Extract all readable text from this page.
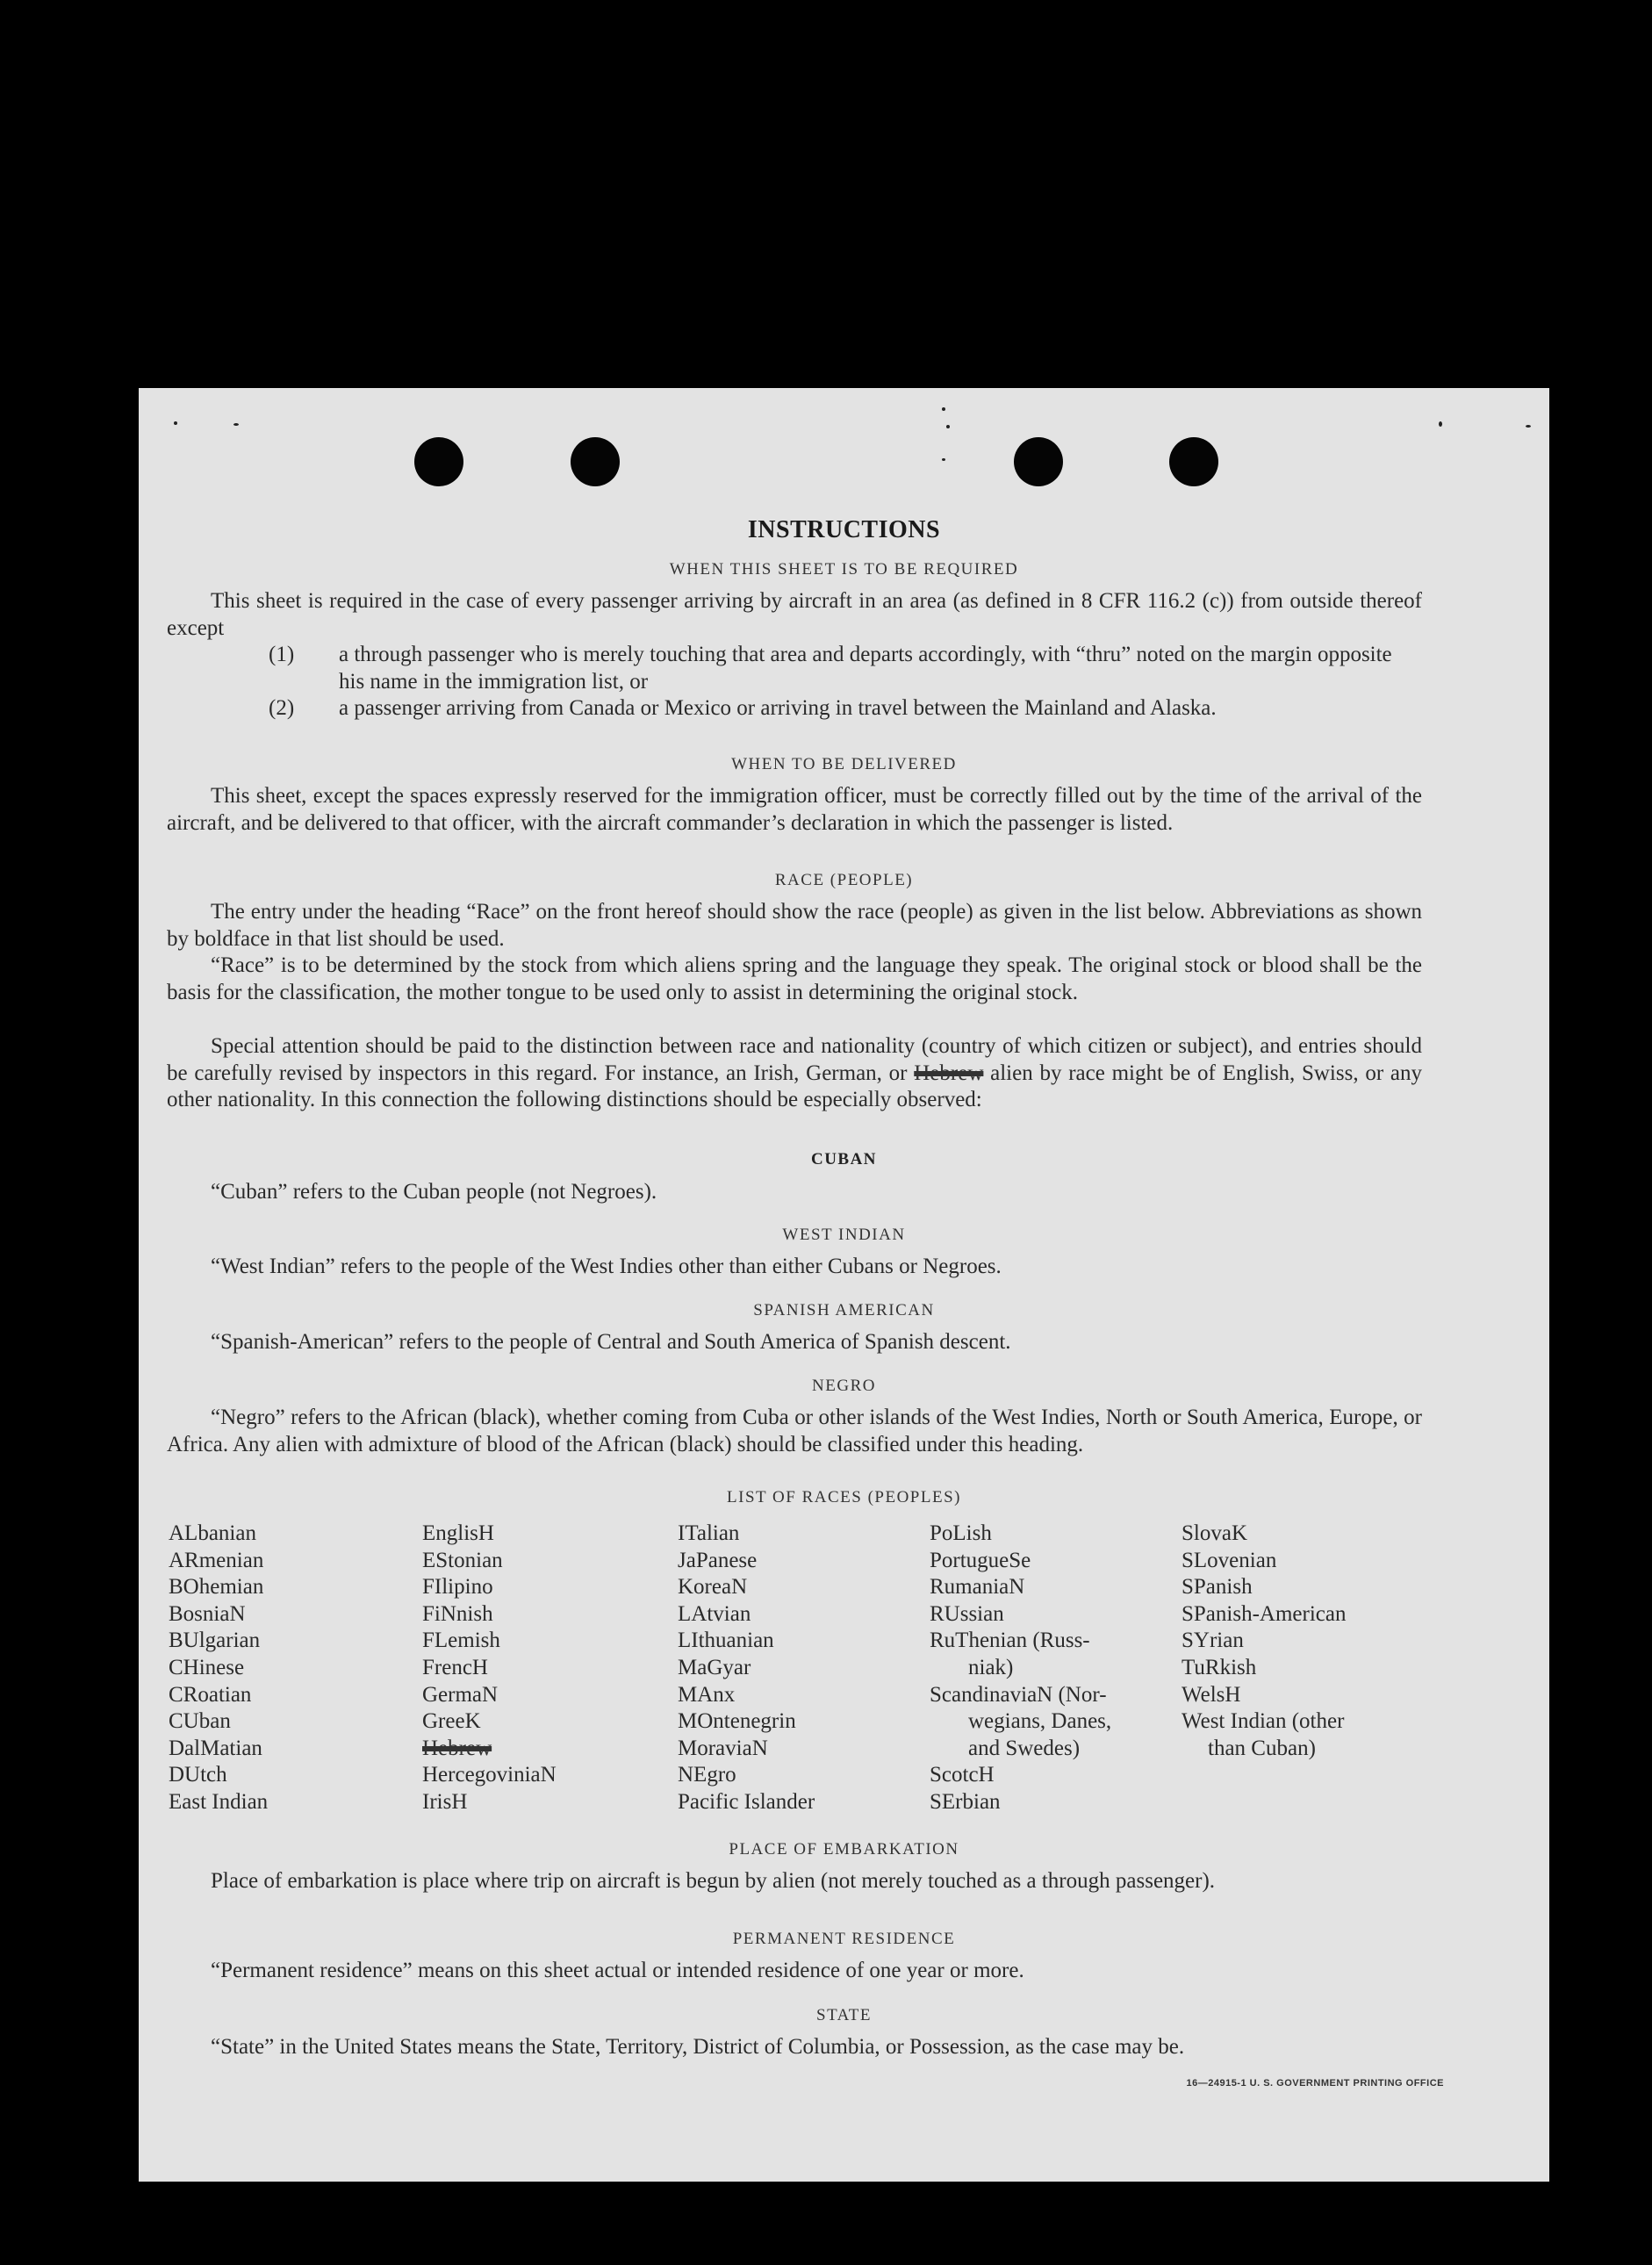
INSTRUCTIONS
WHEN THIS SHEET IS TO BE REQUIRED
This sheet is required in the case of every passenger arriving by aircraft in an area (as defined in 8 CFR 116.2 (c)) from outside thereof except
(1) a through passenger who is merely touching that area and departs accordingly, with “thru” noted on the margin opposite his name in the immigration list, or
(2) a passenger arriving from Canada or Mexico or arriving in travel between the Mainland and Alaska.
WHEN TO BE DELIVERED
This sheet, except the spaces expressly reserved for the immigration officer, must be correctly filled out by the time of the arrival of the aircraft, and be delivered to that officer, with the aircraft commander’s declaration in which the passenger is listed.
RACE (PEOPLE)
The entry under the heading “Race” on the front hereof should show the race (people) as given in the list below. Abbreviations as shown by boldface in that list should be used.
“Race” is to be determined by the stock from which aliens spring and the language they speak. The original stock or blood shall be the basis for the classification, the mother tongue to be used only to assist in determining the original stock.
Special attention should be paid to the distinction between race and nationality (country of which citizen or subject), and entries should be carefully revised by inspectors in this regard. For instance, an Irish, German, or Hebrew alien by race might be of English, Swiss, or any other nationality. In this connection the following distinctions should be especially observed:
CUBAN
“Cuban” refers to the Cuban people (not Negroes).
WEST INDIAN
“West Indian” refers to the people of the West Indies other than either Cubans or Negroes.
SPANISH AMERICAN
“Spanish-American” refers to the people of Central and South America of Spanish descent.
NEGRO
“Negro” refers to the African (black), whether coming from Cuba or other islands of the West Indies, North or South America, Europe, or Africa. Any alien with admixture of blood of the African (black) should be classified under this heading.
LIST OF RACES (PEOPLES)
ALbanian
ARmenian
BOhemian
BosniaN
BUlgarian
CHinese
CRoatian
CUban
DalMatian
DUtch
East Indian
EnglisH
EStonian
FIlipino
FiNnish
FLemish
FrencH
GermaN
GreeK
Hebrew
HercegoviniaN
IrisH
ITalian
JaPanese
KoreaN
LAtvian
LIthuanian
MaGyar
MAnx
MOntenegrin
MoraviaN
NEgro
Pacific Islander
PoLish
PortugueSe
RumaniaN
RUssian
RuThenian (Russ-
niak)
ScandinaviaN (Nor-
wegians, Danes,
and Swedes)
ScotcH
SErbian
SlovaK
SLovenian
SPanish
SPanish-American
SYrian
TuRkish
WelsH
West Indian (other
than Cuban)
PLACE OF EMBARKATION
Place of embarkation is place where trip on aircraft is begun by alien (not merely touched as a through passenger).
PERMANENT RESIDENCE
“Permanent residence” means on this sheet actual or intended residence of one year or more.
STATE
“State” in the United States means the State, Territory, District of Columbia, or Possession, as the case may be.
16—24915-1 U. S. GOVERNMENT PRINTING OFFICE
